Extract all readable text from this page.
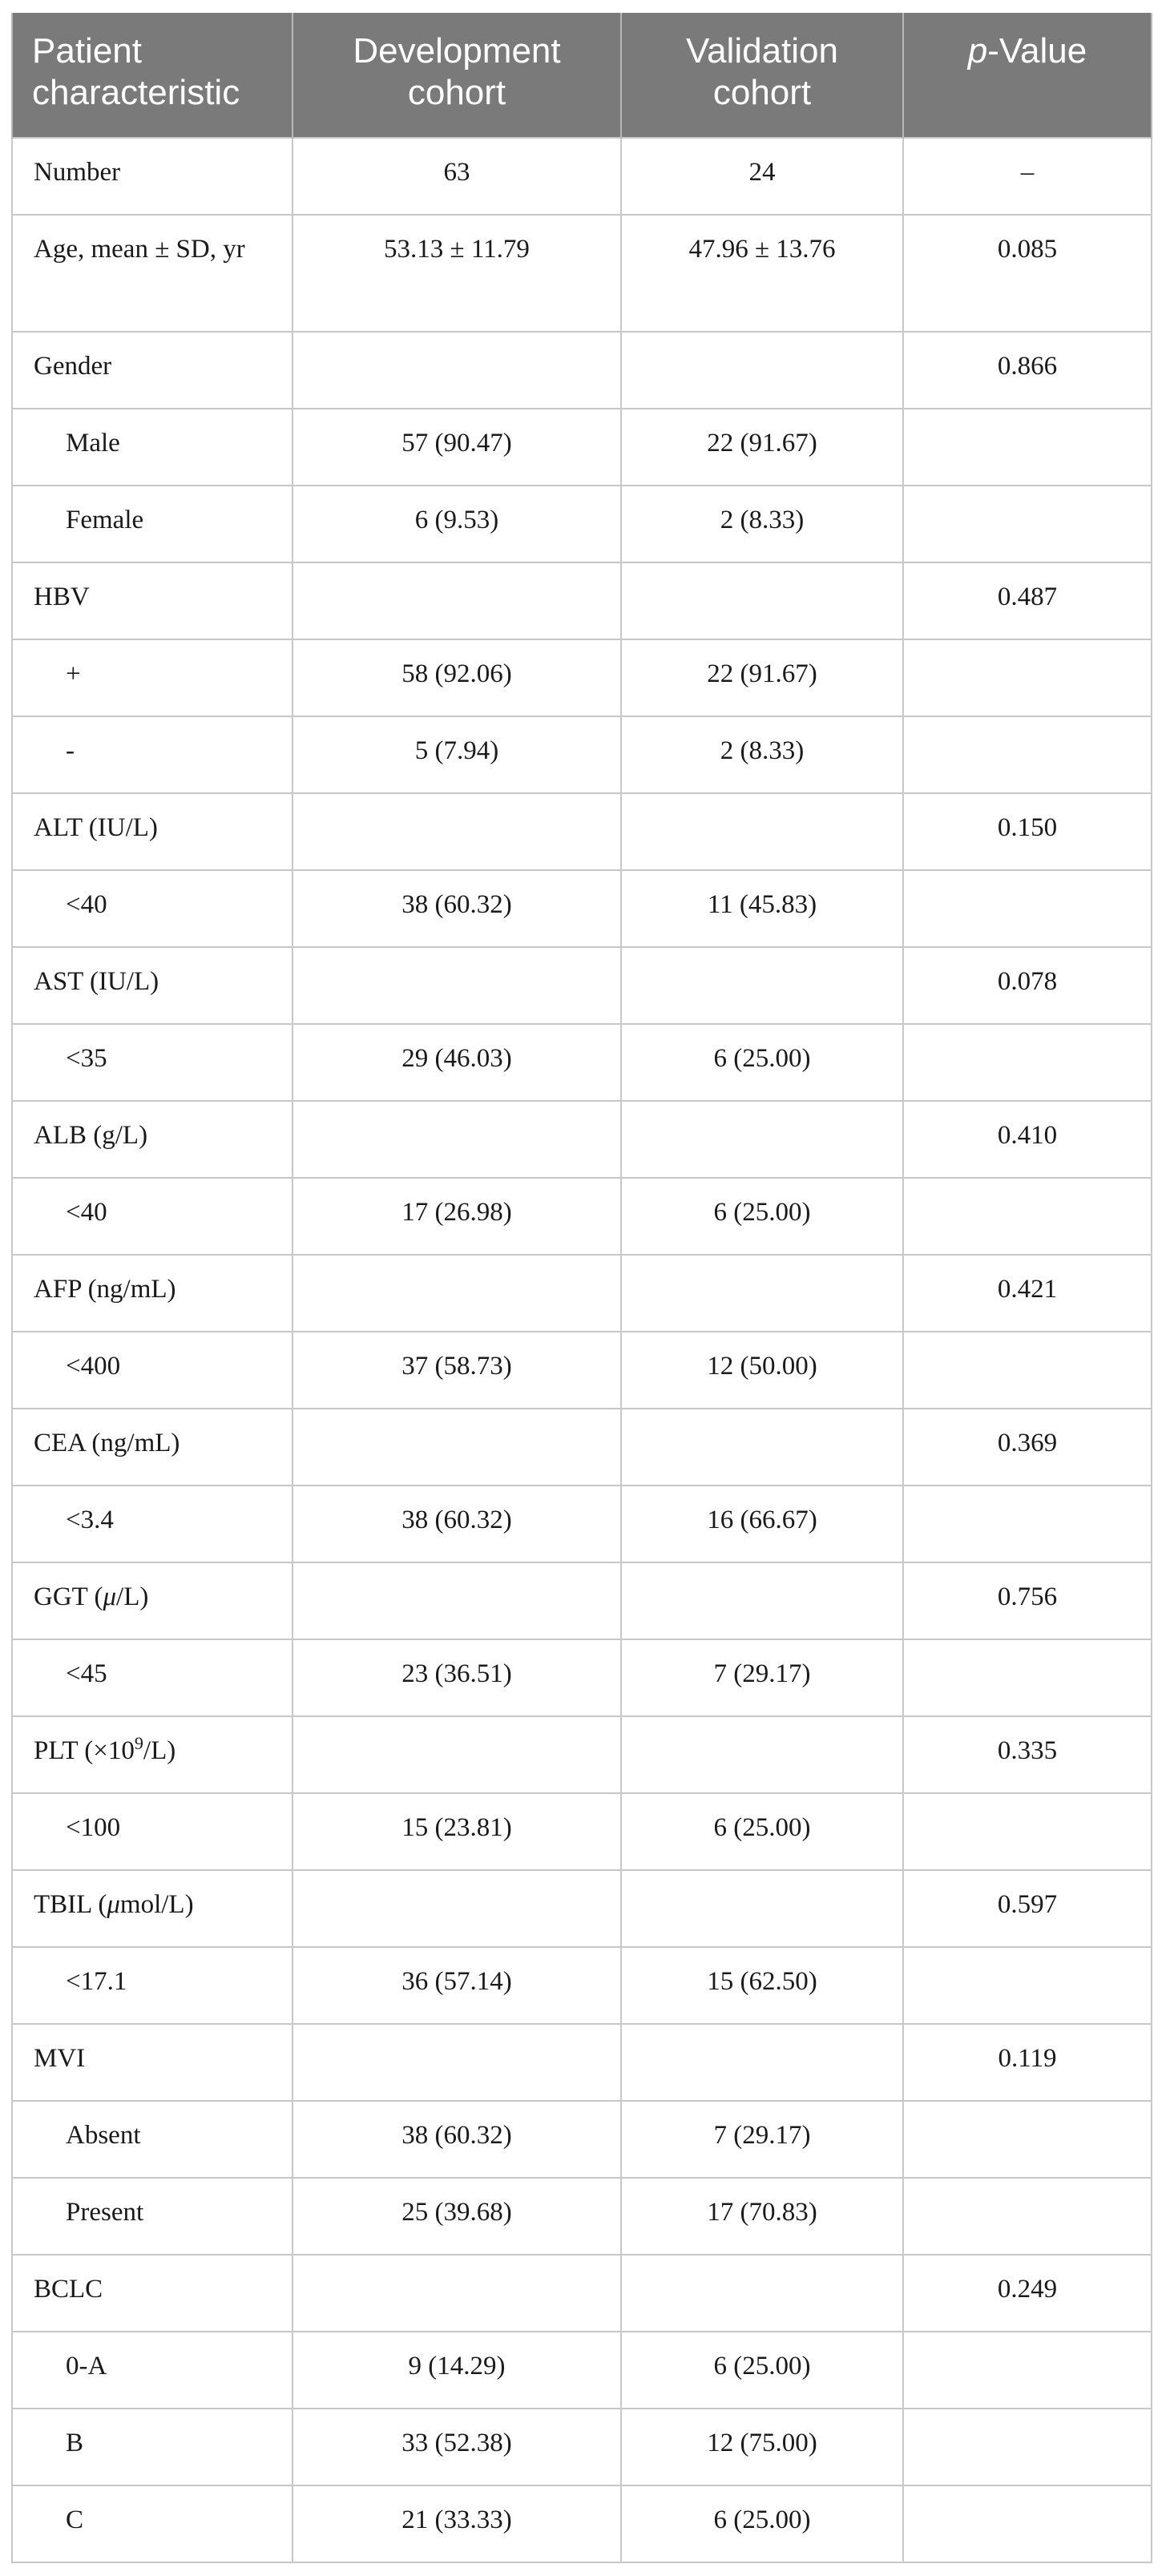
Patient characteristic	Development cohort	Validation cohort	p-Value
Number	63	24	–
Age, mean ± SD, yr	53.13 ± 11.79	47.96 ± 13.76	0.085
Gender			0.866
Male	57 (90.47)	22 (91.67)	
Female	6 (9.53)	2 (8.33)	
HBV			0.487
+	58 (92.06)	22 (91.67)	
-	5 (7.94)	2 (8.33)	
ALT (IU/L)			0.150
<40	38 (60.32)	11 (45.83)	
AST (IU/L)			0.078
<35	29 (46.03)	6 (25.00)	
ALB (g/L)			0.410
<40	17 (26.98)	6 (25.00)	
AFP (ng/mL)			0.421
<400	37 (58.73)	12 (50.00)	
CEA (ng/mL)			0.369
<3.4	38 (60.32)	16 (66.67)	
GGT (μ/L)			0.756
<45	23 (36.51)	7 (29.17)	
PLT $(\times 10^9/L)$			0.335
<100	15 (23.81)	6 (25.00)	
TBIL (μmol/L)			0.597
<17.1	36 (57.14)	15 (62.50)	
MVI			0.119
Absent	38 (60.32)	7 (29.17)	
Present	25 (39.68)	17 (70.83)	
BCLC			0.249
0-A	9 (14.29)	6 (25.00)	
B	33 (52.38)	12 (75.00)	
C	21 (33.33)	6 (25.00)	
